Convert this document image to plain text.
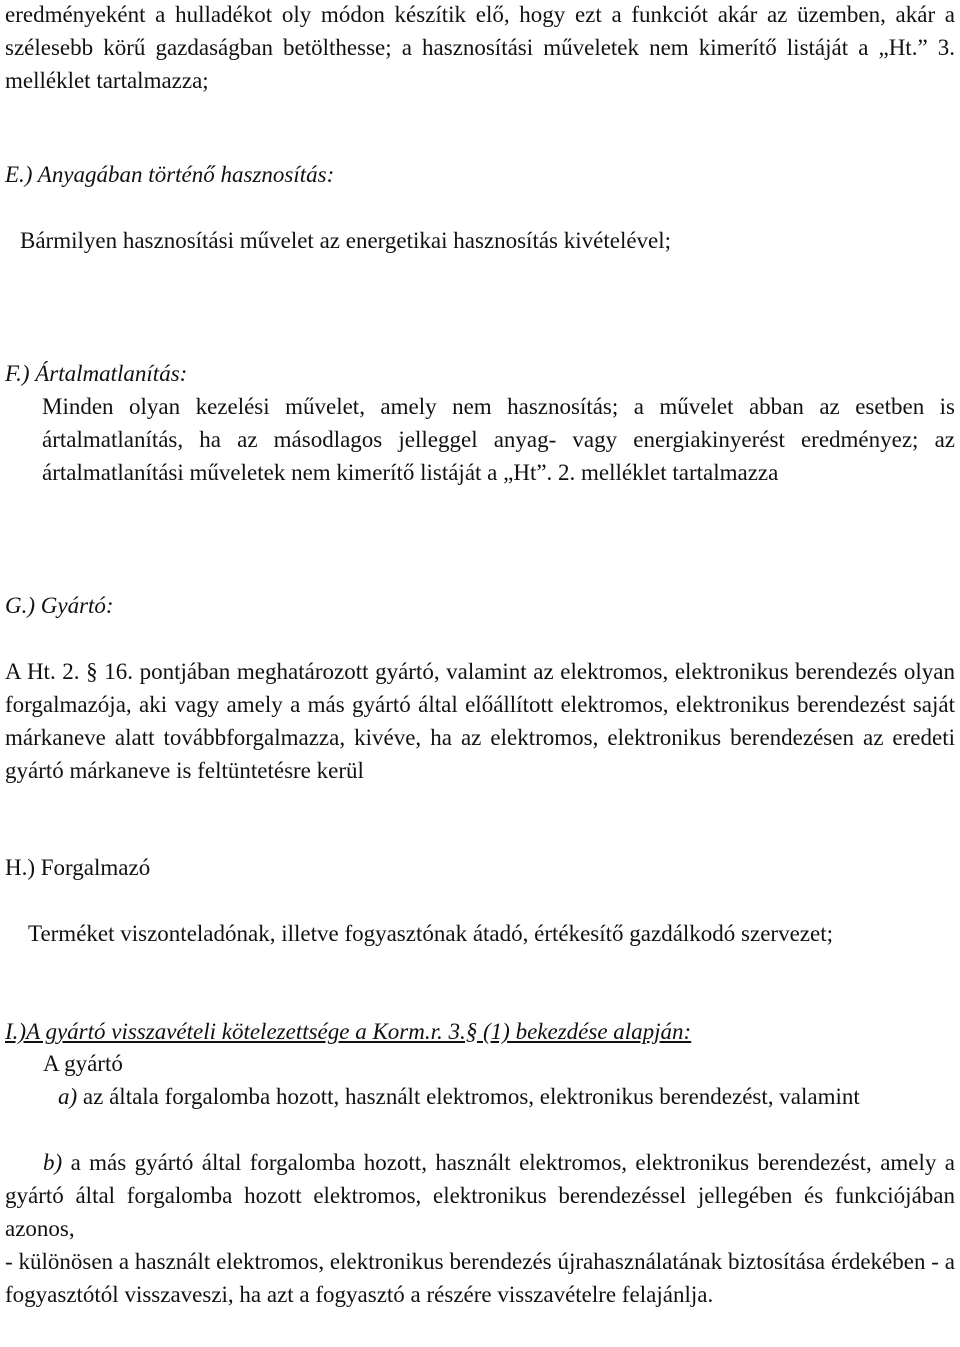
eredményeként a hulladékot oly módon készítik elő, hogy ezt a funkciót akár az üzemben, akár a szélesebb körű gazdaságban betölthesse; a hasznosítási műveletek nem kimerítő listáját a „Ht.” 3. melléklet tartalmazza;

E.) Anyagában történő hasznosítás:

Bármilyen hasznosítási művelet az energetikai hasznosítás kivételével;

F.) Ártalmatlanítás:

Minden olyan kezelési művelet, amely nem hasznosítás; a művelet abban az esetben is ártalmatlanítás, ha az másodlagos jelleggel anyag- vagy energiakinyerést eredményez; az ártalmatlanítási műveletek nem kimerítő listáját a „Ht”. 2. melléklet tartalmazza

G.) Gyártó:

A Ht. 2. § 16. pontjában meghatározott gyártó, valamint az elektromos, elektronikus berendezés olyan forgalmazója, aki vagy amely a más gyártó által előállított elektromos, elektronikus berendezést saját márkaneve alatt továbbforgalmazza, kivéve, ha az elektromos, elektronikus berendezésen az eredeti gyártó márkaneve is feltüntetésre kerül

H.) Forgalmazó

Terméket viszonteladónak, illetve fogyasztónak átadó, értékesítő gazdálkodó szervezet;

I.)A gyártó visszavételi kötelezettsége a Korm.r. 3.§ (1) bekezdése alapján:

A gyártó

a) az általa forgalomba hozott, használt elektromos, elektronikus berendezést, valamint

b) a más gyártó által forgalomba hozott, használt elektromos, elektronikus berendezést, amely a gyártó által forgalomba hozott elektromos, elektronikus berendezéssel jellegében és funkciójában azonos,

- különösen a használt elektromos, elektronikus berendezés újrahasználatának biztosítása érdekében - a fogyasztótól visszaveszi, ha azt a fogyasztó a részére visszavételre felajánlja.
